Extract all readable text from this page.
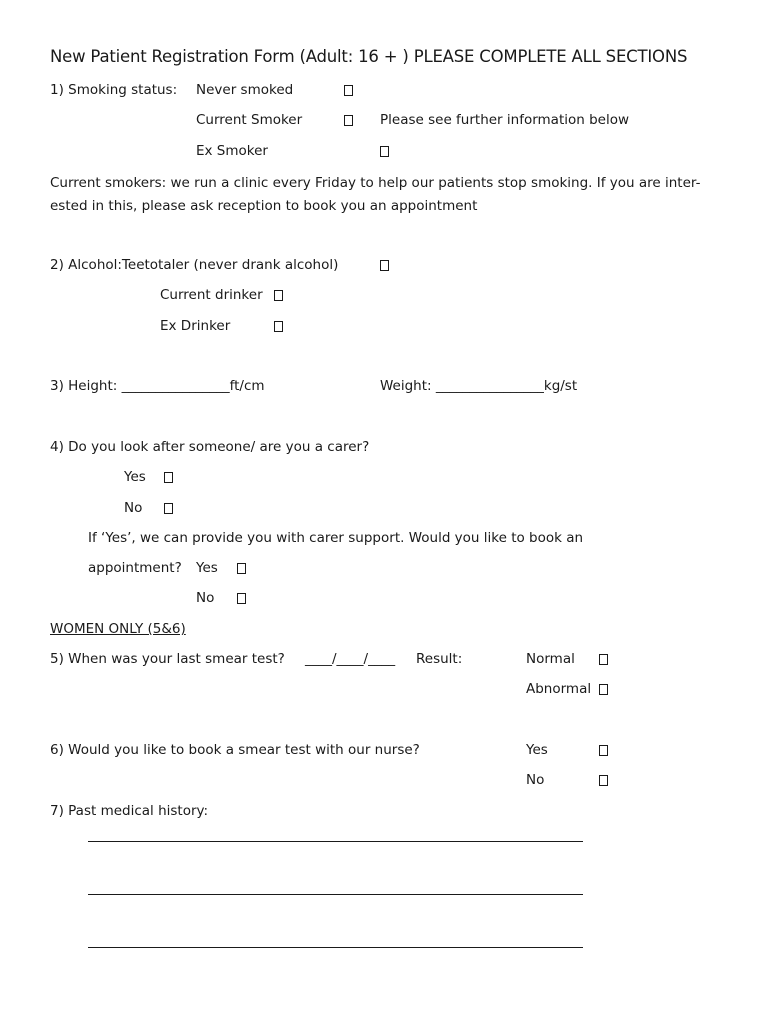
New Patient Registration Form (Adult: 16 + ) PLEASE COMPLETE ALL SECTIONS
1) Smoking status: Never smoked
Current Smoker	Please see further information below
Ex Smoker
Current smokers: we run a clinic every Friday to help our patients stop smoking. If you are inter-ested in this, please ask reception to book you an appointment
2) Alcohol:Teetotaler (never drank alcohol)
Current drinker
Ex Drinker
3) Height: ________________ft/cm	Weight: ________________kg/st
4) Do you look after someone/ are you a carer?
Yes
No
If ‘Yes’, we can provide you with carer support. Would you like to book an
appointment? Yes
No
WOMEN ONLY (5&6)
5) When was your last smear test? ____/____/____ Result:	Normal
Abnormal
6) Would you like to book a smear test with our nurse?	Yes
No
7) Past medical history:
